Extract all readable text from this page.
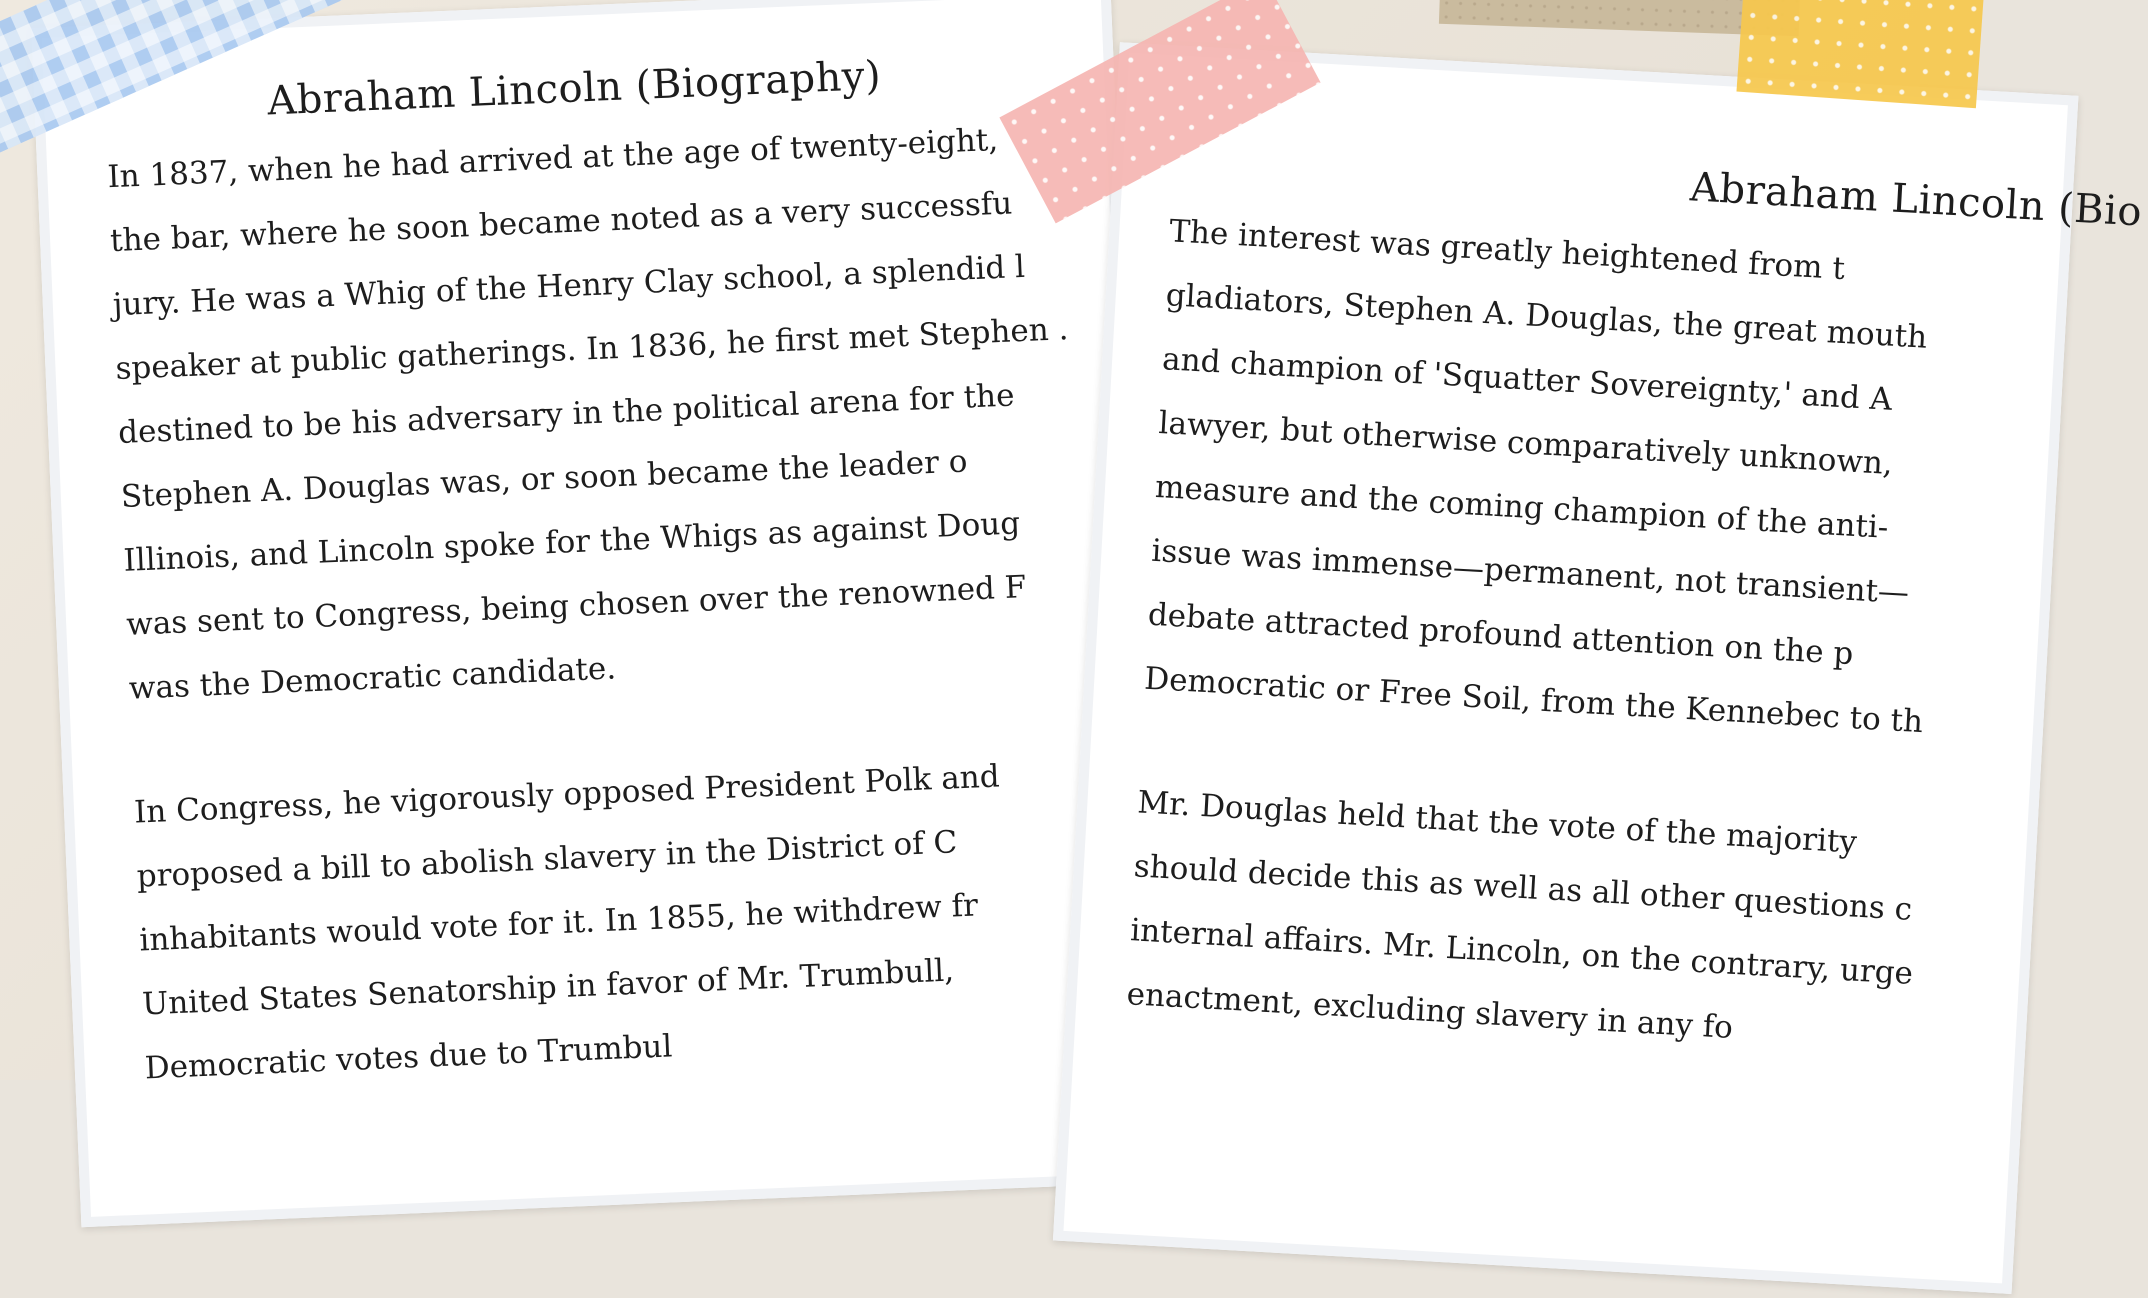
Abraham Lincoln (Biography)
In 1837, when he had arrived at the age of twenty-eight,
the bar, where he soon became noted as a very successfu
jury. He was a Whig of the Henry Clay school, a splendid l
speaker at public gatherings. In 1836, he first met Stephen .
destined to be his adversary in the political arena for the
Stephen A. Douglas was, or soon became the leader o
Illinois, and Lincoln spoke for the Whigs as against Doug
was sent to Congress, being chosen over the renowned F
was the Democratic candidate.
In Congress, he vigorously opposed President Polk and
proposed a bill to abolish slavery in the District of C
inhabitants would vote for it. In 1855, he withdrew fr
United States Senatorship in favor of Mr. Trumbull,
Democratic votes due to Trumbul
Abraham Lincoln (Bio
The interest was greatly heightened from t
gladiators, Stephen A. Douglas, the great mouth
and champion of 'Squatter Sovereignty,' and A
lawyer, but otherwise comparatively unknown,
measure and the coming champion of the anti-
issue was immense—permanent, not transient—
debate attracted profound attention on the p
Democratic or Free Soil, from the Kennebec to th
Mr. Douglas held that the vote of the majority
should decide this as well as all other questions c
internal affairs. Mr. Lincoln, on the contrary, urge
enactment, excluding slavery in any fo
